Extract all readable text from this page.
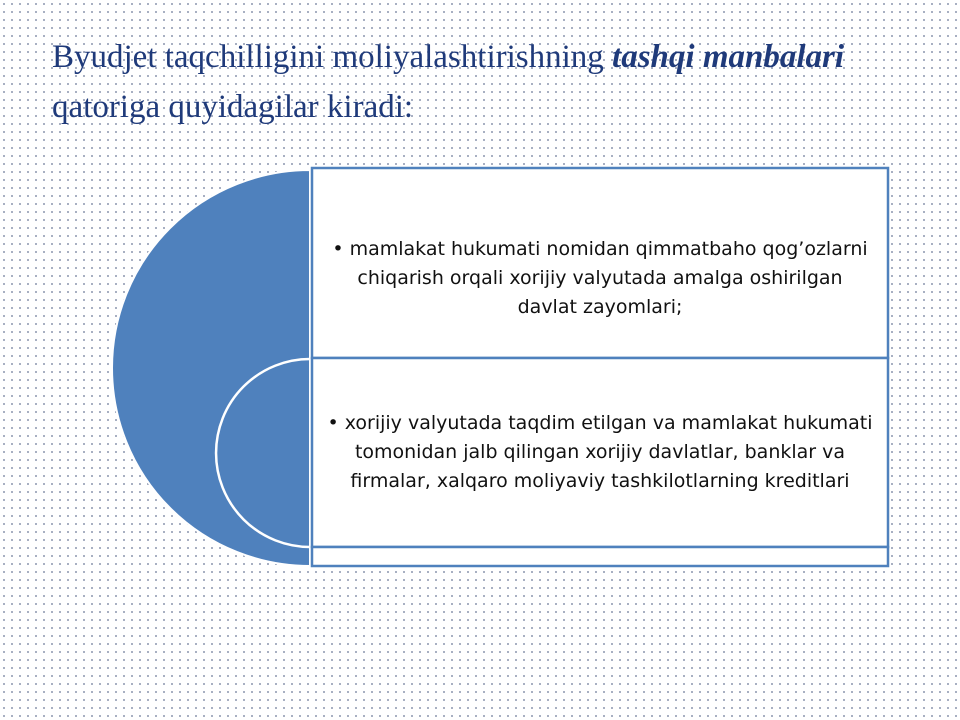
Byudjet taqchilligini moliyalashtirishning tashqi manbalari qatoriga quyidagilar kiradi:
• mamlakat hukumati nomidan qimmatbaho qog’ozlarni chiqarish orqali xorijiy valyutada amalga oshirilgan davlat zayomlari;
• xorijiy valyutada taqdim etilgan va mamlakat hukumati tomonidan jalb qilingan xorijiy davlatlar, banklar va firmalar, xalqaro moliyaviy tashkilotlarning kreditlari
